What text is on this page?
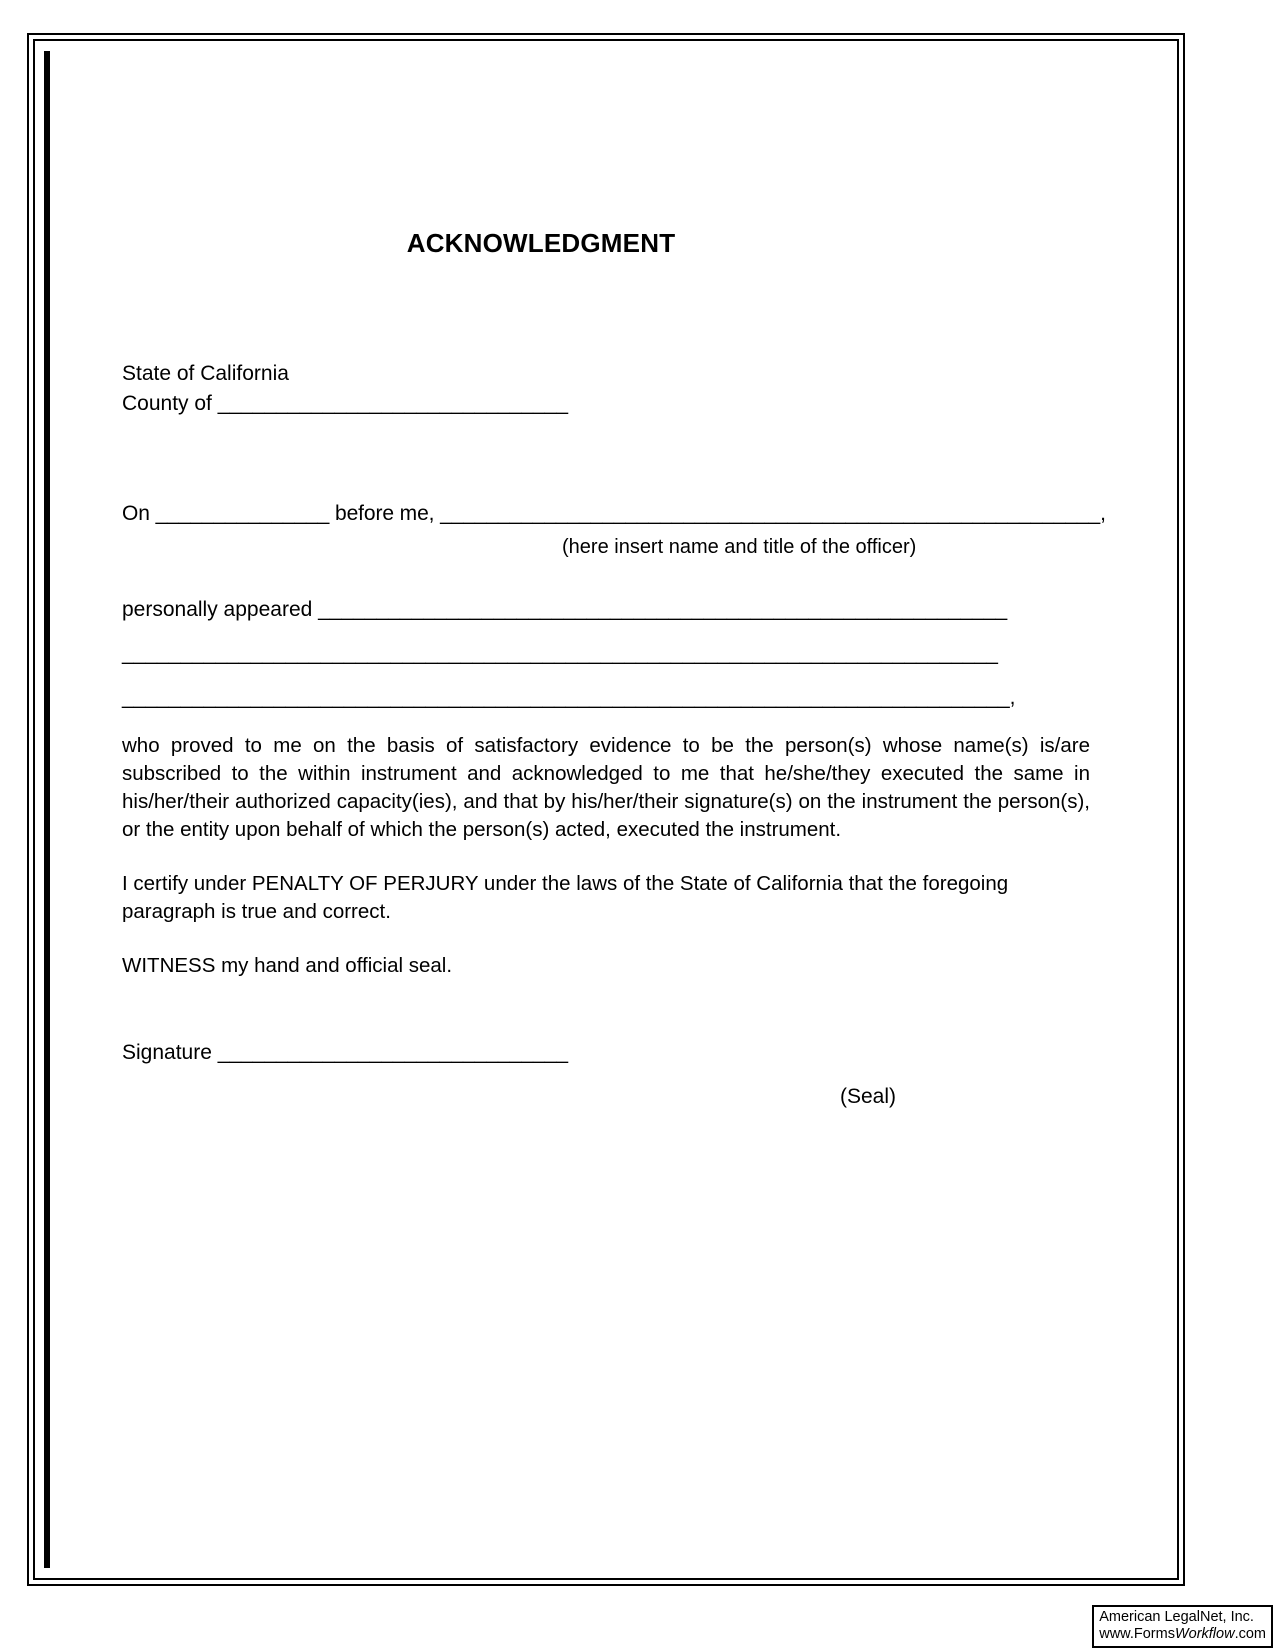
ACKNOWLEDGMENT
State of California
County of ______________________________
On _______________ before me, _________________________________________________________,
(here insert name and title of the officer)
personally appeared ___________________________________________________________
___________________________________________________________________________
____________________________________________________________________________,

who proved to me on the basis of satisfactory evidence to be the person(s) whose name(s) is/are subscribed to the within instrument and acknowledged to me that he/she/they executed the same in his/her/their authorized capacity(ies), and that by his/her/their signature(s) on the instrument the person(s), or the entity upon behalf of which the person(s) acted, executed the instrument.

I certify under PENALTY OF PERJURY under the laws of the State of California that the foregoing paragraph is true and correct.

WITNESS my hand and official seal.

Signature ______________________________
(Seal)
American LegalNet, Inc.
www.FormsWorkflow.com
